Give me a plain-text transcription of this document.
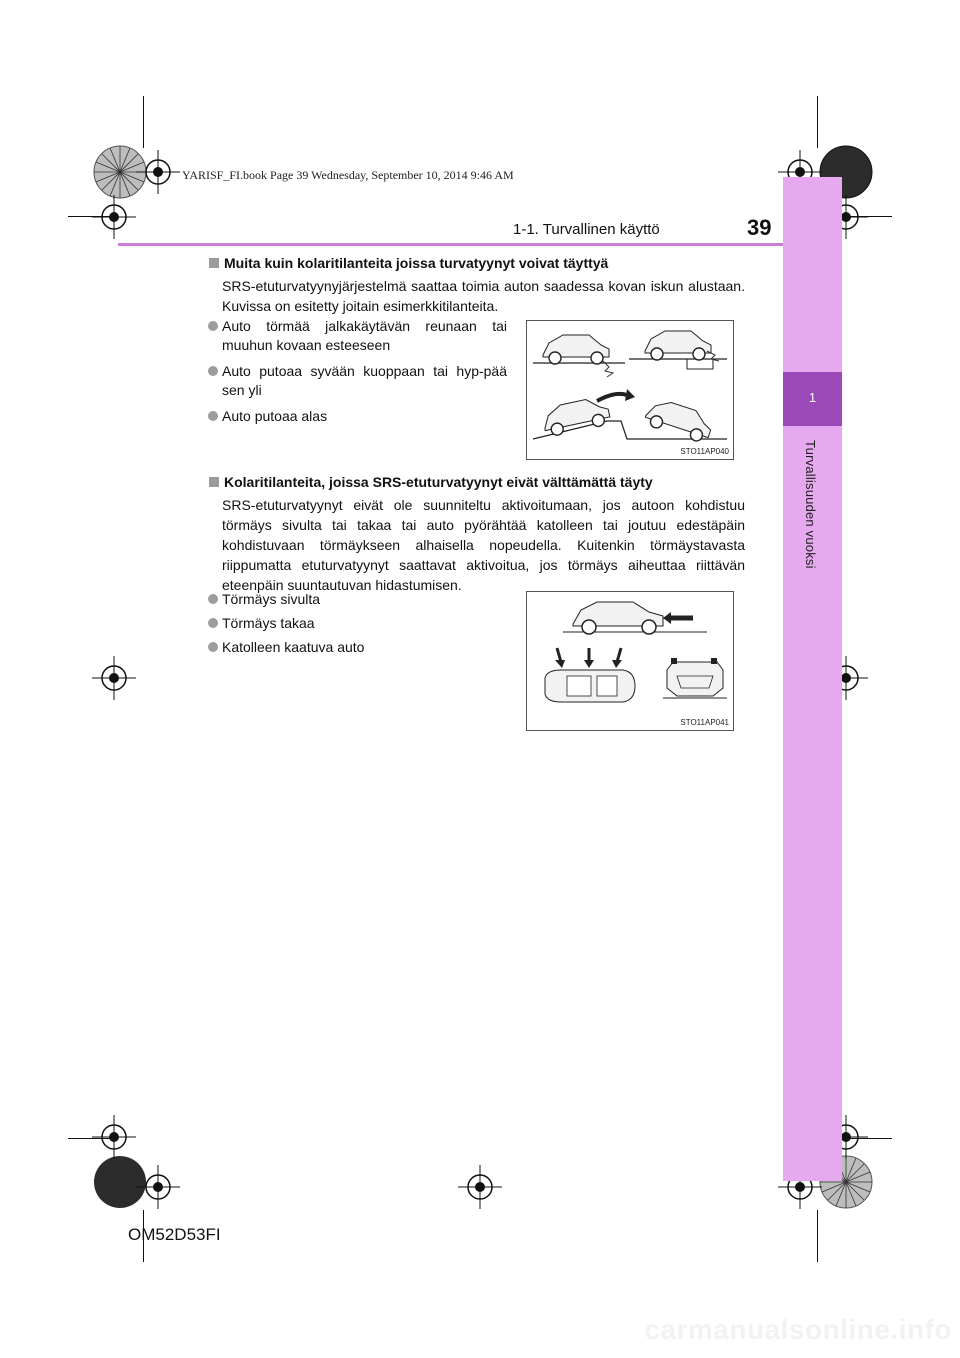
YARISF_FI.book Page 39 Wednesday, September 10, 2014 9:46 AM
1
Turvallisuuden vuoksi
1-1. Turvallinen käyttö	39
Muita kuin kolaritilanteita joissa turvatyynyt voivat täyttyä
SRS-etuturvatyynyjärjestelmä saattaa toimia auton saadessa kovan iskun alustaan. Kuvissa on esitetty joitain esimerkkitilanteita.
Auto törmää jalkakäytävän reunaan tai muuhun kovaan esteeseen
Auto putoaa syvään kuoppaan tai hyp-pää sen yli
Auto putoaa alas
STO11AP040
Kolaritilanteita, joissa SRS-etuturvatyynyt eivät välttämättä täyty
SRS-etuturvatyynyt eivät ole suunniteltu aktivoitumaan, jos autoon kohdistuu törmäys sivulta tai takaa tai auto pyörähtää katolleen tai joutuu edestäpäin kohdistuvaan törmäykseen alhaisella nopeudella. Kuitenkin törmäystavasta riippumatta etuturvatyynyt saattavat aktivoitua, jos törmäys aiheuttaa riittävän eteenpäin suuntautuvan hidastumisen.
Törmäys sivulta
Törmäys takaa
Katolleen kaatuva auto
STO11AP041
OM52D53FI
carmanualsonline.info
